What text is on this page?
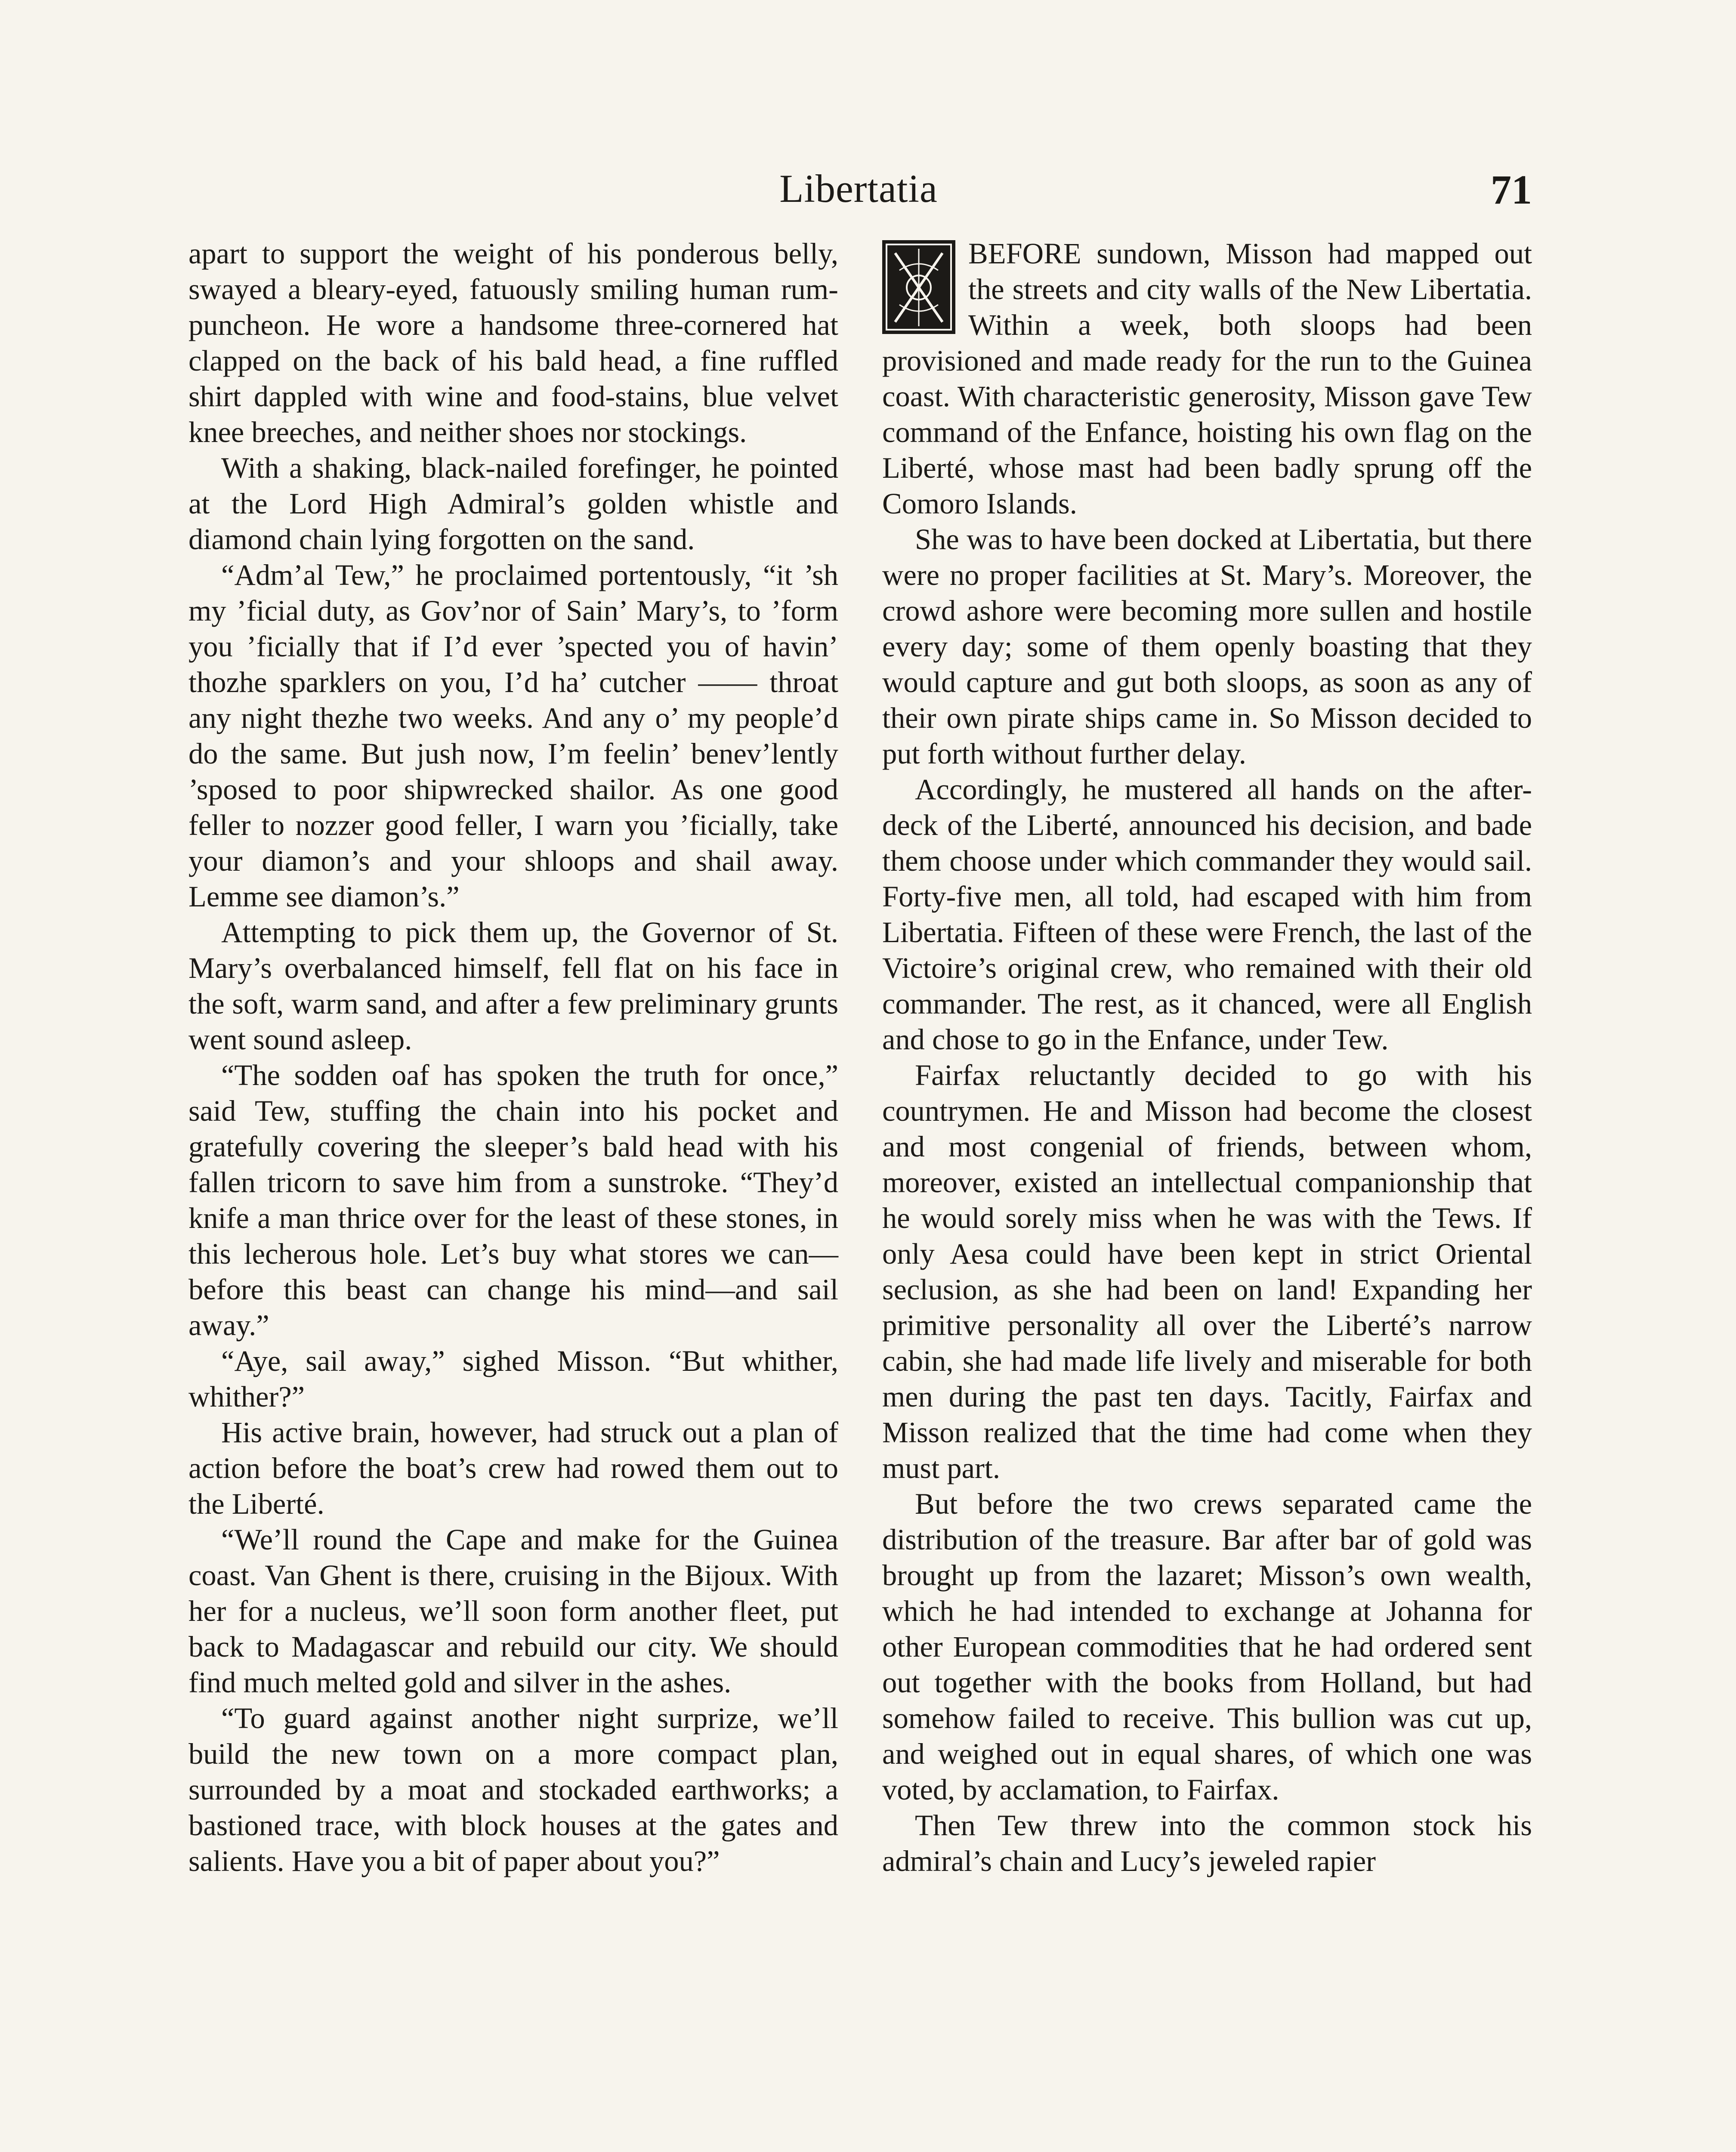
Libertatia	71

apart to support the weight of his ponderous belly, swayed a bleary-eyed, fatuously smiling human rum-puncheon. He wore a handsome three-cornered hat clapped on the back of his bald head, a fine ruffled shirt dappled with wine and food-stains, blue velvet knee breeches, and neither shoes nor stockings.

With a shaking, black-nailed forefinger, he pointed at the Lord High Admiral’s golden whistle and diamond chain lying forgotten on the sand.

“Adm’al Tew,” he proclaimed portentously, “it ’sh my ’ficial duty, as Gov’nor of Sain’ Mary’s, to ’form you ’ficially that if I’d ever ’spected you of havin’ thozhe sparklers on you, I’d ha’ cutcher —— throat any night thezhe two weeks. And any o’ my people’d do the same. But jush now, I’m feelin’ benev’lently ’sposed to poor shipwrecked shailor. As one good feller to nozzer good feller, I warn you ’ficially, take your diamon’s and your shloops and shail away. Lemme see diamon’s.”

Attempting to pick them up, the Governor of St. Mary’s overbalanced himself, fell flat on his face in the soft, warm sand, and after a few preliminary grunts went sound asleep.

“The sodden oaf has spoken the truth for once,” said Tew, stuffing the chain into his pocket and gratefully covering the sleeper’s bald head with his fallen tricorn to save him from a sunstroke. “They’d knife a man thrice over for the least of these stones, in this lecherous hole. Let’s buy what stores we can—before this beast can change his mind—and sail away.”

“Aye, sail away,” sighed Misson. “But whither, whither?”

His active brain, however, had struck out a plan of action before the boat’s crew had rowed them out to the Liberté.

“We’ll round the Cape and make for the Guinea coast. Van Ghent is there, cruising in the Bijoux. With her for a nucleus, we’ll soon form another fleet, put back to Madagascar and rebuild our city. We should find much melted gold and silver in the ashes.

“To guard against another night surprize, we’ll build the new town on a more compact plan, surrounded by a moat and stockaded earthworks; a bastioned trace, with block houses at the gates and salients. Have you a bit of paper about you?”

BEFORE sundown, Misson had mapped out the streets and city walls of the New Libertatia. Within a week, both sloops had been provisioned and made ready for the run to the Guinea coast. With characteristic generosity, Misson gave Tew command of the Enfance, hoisting his own flag on the Liberté, whose mast had been badly sprung off the Comoro Islands.

She was to have been docked at Libertatia, but there were no proper facilities at St. Mary’s. Moreover, the crowd ashore were becoming more sullen and hostile every day; some of them openly boasting that they would capture and gut both sloops, as soon as any of their own pirate ships came in. So Misson decided to put forth without further delay.

Accordingly, he mustered all hands on the after-deck of the Liberté, announced his decision, and bade them choose under which commander they would sail. Forty-five men, all told, had escaped with him from Libertatia. Fifteen of these were French, the last of the Victoire’s original crew, who remained with their old commander. The rest, as it chanced, were all English and chose to go in the Enfance, under Tew.

Fairfax reluctantly decided to go with his countrymen. He and Misson had become the closest and most congenial of friends, between whom, moreover, existed an intellectual companionship that he would sorely miss when he was with the Tews. If only Aesa could have been kept in strict Oriental seclusion, as she had been on land! Expanding her primitive personality all over the Liberté’s narrow cabin, she had made life lively and miserable for both men during the past ten days. Tacitly, Fairfax and Misson realized that the time had come when they must part.

But before the two crews separated came the distribution of the treasure. Bar after bar of gold was brought up from the lazaret; Misson’s own wealth, which he had intended to exchange at Johanna for other European commodities that he had ordered sent out together with the books from Holland, but had somehow failed to receive. This bullion was cut up, and weighed out in equal shares, of which one was voted, by acclamation, to Fairfax.

Then Tew threw into the common stock his admiral’s chain and Lucy’s jeweled rapier
